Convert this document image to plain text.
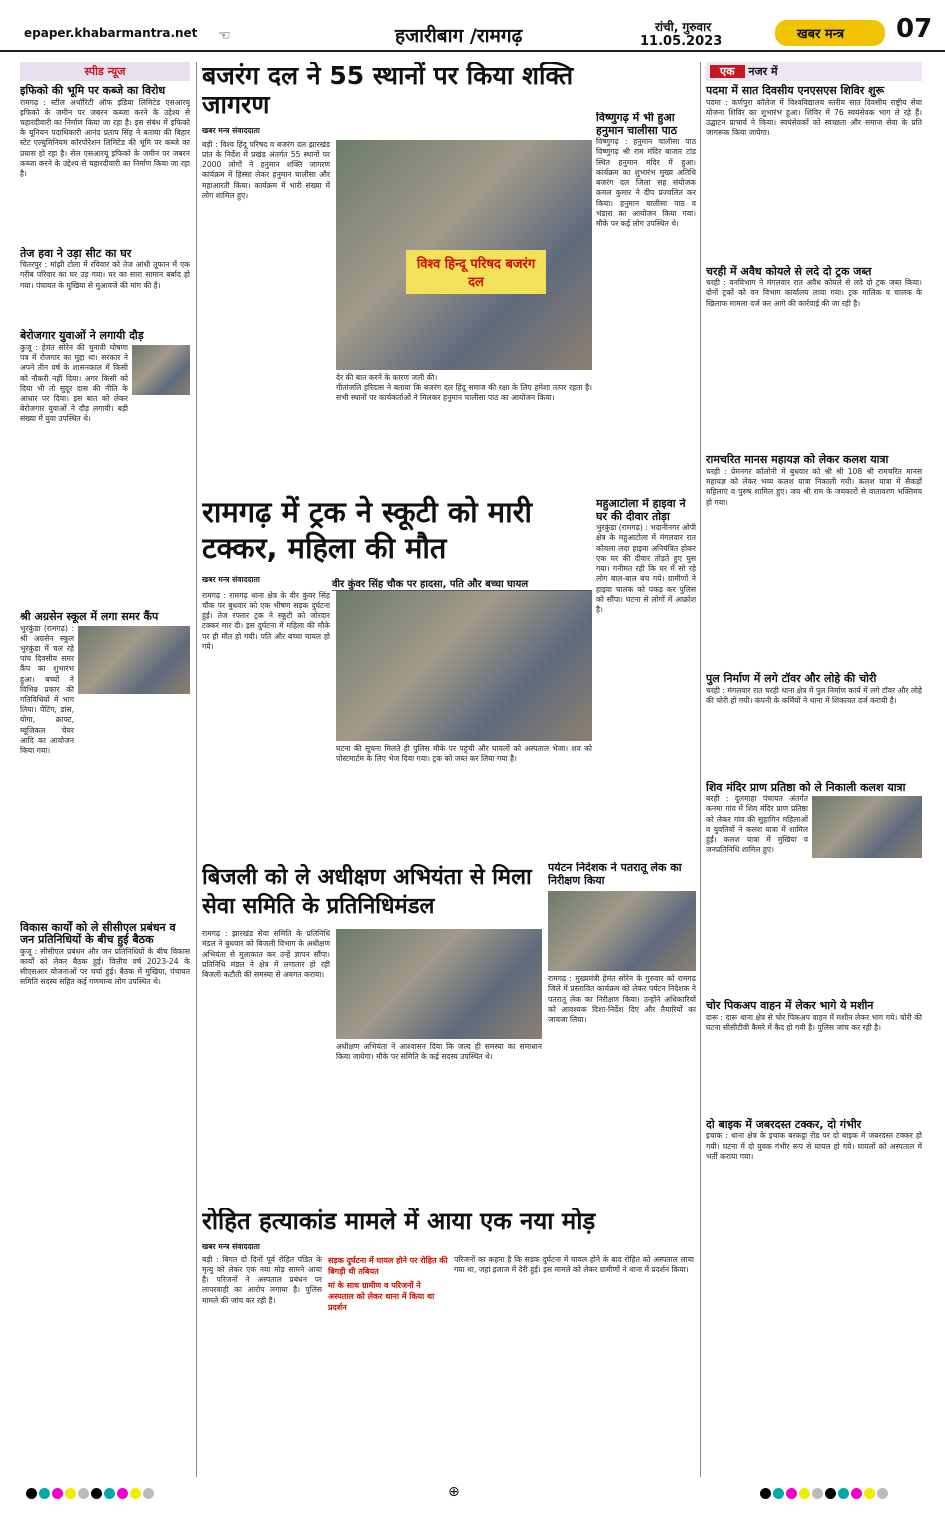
epaper.khabarmantra.net ☜	हजारीबाग /रामगढ़	रांची, गुरुवार
11.05.2023	खबर मन्त्र	07
स्पीड न्यूज
इफिको की भूमि पर कब्जे का विरोध
रामगढ़ : स्टील अथॉरिटी ऑफ इंडिया लिमिटेड एसआरयू इफिको के जमीन पर जबरन कब्जा करने के उद्देश्य से चहारदीवारी का निर्माण किया जा रहा है। इस संबंध में इफिको के यूनियन पदाधिकारी आनंद प्रताप सिंह ने बताया की बिहार स्टेट एल्युमिनियम कॉरपोरेशन लिमिटेड की भूमि पर कब्जे का प्रयास हो रहा है। सेल एसआरयू इफिको के जमीन पर जबरन कब्जा करने के उद्देश्य से चहारदीवारी का निर्माण किया जा रहा है।
तेज हवा ने उड़ा सीट का घर
चितरपुर : मांझी टोला में रविवार को तेज आंधी तूफान में एक गरीब परिवार का घर उड़ गया। घर का सारा सामान बर्बाद हो गया। पंचायत के मुखिया से मुआवजे की मांग की है।
बेरोजगार युवाओं ने लगायी दौड़
कुजू : हेमंत सोरेन की चुनावी घोषणा पत्र में रोजगार का मुद्दा था। सरकार ने अपने तीन वर्ष के शासनकाल में किसी को नौकरी नहीं दिया। अगर किसी को दिया भी तो सुदूर दास की नीति के आधार पर दिया। इस बात को लेकर बेरोजगार युवाओं ने दौड़ लगायी। बड़ी संख्या में युवा उपस्थित थे।
श्री अग्रसेन स्कूल में लगा समर कैंप
भुरकुंडा (रामगढ़) : श्री अग्रसेन स्कूल भुरकुंडा में चल रहे पांच दिवसीय समर कैंप का शुभारंभ हुआ। बच्चों ने विभिन्न प्रकार की गतिविधियों में भाग लिया। पेंटिंग, डांस, योगा, क्राफ्ट, म्यूजिकल चेयर आदि का आयोजन किया गया।
विकास कार्यों को ले सीसीएल प्रबंधन व जन प्रतिनिधियों के बीच हुई बैठक
कुजू : सीसीएल प्रबंधन और जन प्रतिनिधियों के बीच विकास कार्यों को लेकर बैठक हुई। वित्तीय वर्ष 2023-24 के सीएसआर योजनाओं पर चर्चा हुई। बैठक में मुखिया, पंचायत समिति सदस्य सहित कई गणमान्य लोग उपस्थित थे।
बजरंग दल ने 55 स्थानों पर किया शक्ति जागरण
खबर मन्त्र संवाददाता
बड़ी : विश्व हिंदू परिषद व बजरंग दल झारखंड प्रांत के निर्देश में प्रखंड अंतर्गत 55 स्थानों पर 2000 लोगों ने हनुमान शक्ति जागरण कार्यक्रम में हिस्सा लेकर हनुमान चालीसा और महाआरती किया। कार्यक्रम में भारी संख्या में लोग शामिल हुए।
विश्व हिन्दू परिषद बजरंग दल
देर की बात करने के कारण जली की।
गीतांजलि हरिदास ने बताया कि बजरंग दल हिंदू समाज की रक्षा के लिए हमेशा तत्पर रहता है। सभी स्थानों पर कार्यकर्ताओं ने मिलकर हनुमान चालीसा पाठ का आयोजन किया।
विष्णुगढ़ में भी हुआ हनुमान चालीसा पाठ
विष्णुगढ़ : हनुमान चालीसा पाठ विष्णुगढ़ श्री राम मंदिर बाजार टांड स्थित हनुमान मंदिर में हुआ। कार्यक्रम का शुभारंभ मुख्य अतिथि बजरंग दल जिला सह संयोजक कमल कुमार ने दीप प्रज्वलित कर किया। हनुमान चालीसा पाठ व भंडारा का आयोजन किया गया। मौके पर कई लोग उपस्थित थे।
रामगढ़ में ट्रक ने स्कूटी को मारी टक्कर, महिला की मौत
खबर मन्त्र संवाददाता	वीर कुंवर सिंह चौक पर हादसा, पति और बच्चा घायल
रामगढ़ : रामगढ़ थाना क्षेत्र के वीर कुंवर सिंह चौक पर बुधवार को एक भीषण सड़क दुर्घटना हुई। तेज रफ्तार ट्रक ने स्कूटी को जोरदार टक्कर मार दी। इस दुर्घटना में महिला की मौके पर ही मौत हो गयी। पति और बच्चा घायल हो गये।
घटना की सूचना मिलते ही पुलिस मौके पर पहुंची और घायलों को अस्पताल भेजा। शव को पोस्टमार्टम के लिए भेज दिया गया। ट्रक को जब्त कर लिया गया है।
महुआटोला में हाइवा ने घर की दीवार तोड़ा
भुरकुंडा (रामगढ़) : भदानीनगर ओपी क्षेत्र के महुआटोला में मंगलवार रात कोयला लदा हाइवा अनियंत्रित होकर एक घर की दीवार तोड़ते हुए घुस गया। गनीमत रही कि घर में सो रहे लोग बाल-बाल बच गये। ग्रामीणों ने हाइवा चालक को पकड़ कर पुलिस को सौंपा। घटना से लोगों में आक्रोश है।
बिजली को ले अधीक्षण अभियंता से मिला सेवा समिति के प्रतिनिधिमंडल
रामगढ़ : झारखंड सेवा समिति के प्रतिनिधि मंडल ने बुधवार को बिजली विभाग के अधीक्षण अभियंता से मुलाकात कर उन्हें ज्ञापन सौंपा। प्रतिनिधि मंडल ने क्षेत्र में लगातार हो रही बिजली कटौती की समस्या से अवगत कराया।
अधीक्षण अभियंता ने आश्वासन दिया कि जल्द ही समस्या का समाधान किया जायेगा। मौके पर समिति के कई सदस्य उपस्थित थे।
पर्यटन निदेशक ने पतरातू लेक का निरीक्षण किया
रामगढ़ : मुख्यमंत्री हेमंत सोरेन के गुरुवार को रामगढ़ जिले में प्रस्तावित कार्यक्रम को लेकर पर्यटन निदेशक ने पतरातू लेक का निरीक्षण किया। उन्होंने अधिकारियों को आवश्यक दिशा-निर्देश दिए और तैयारियों का जायजा लिया।
रोहित हत्याकांड मामले में आया एक नया मोड़
खबर मन्त्र संवाददाता
बड़ी : बिगत दो दिनों पूर्व रोहित पंडित के मृत्यु को लेकर एक नया मोड़ सामने आया है। परिजनों ने अस्पताल प्रबंधन पर लापरवाही का आरोप लगाया है। पुलिस मामले की जांच कर रही है।
सड़क दुर्घटना में घायल होने पर रोहित की बिगड़ी थी तबियत
मां के साथ ग्रामीण व परिजनों ने अस्पताल को लेकर थाना में किया था प्रदर्शन
परिजनों का कहना है कि सड़क दुर्घटना में घायल होने के बाद रोहित को अस्पताल लाया गया था, जहां इलाज में देरी हुई। इस मामले को लेकर ग्रामीणों ने थाना में प्रदर्शन किया।
एक नजर में
पदमा में सात दिवसीय एनएसएस शिविर शुरू
पदमा : कर्णपुरा कॉलेज में विश्वविद्यालय स्तरीय सात दिवसीय राष्ट्रीय सेवा योजना शिविर का शुभारंभ हुआ। शिविर में 76 स्वयंसेवक भाग ले रहे हैं। उद्घाटन प्राचार्य ने किया। स्वयंसेवकों को स्वच्छता और समाज सेवा के प्रति जागरूक किया जायेगा।
चरही में अवैध कोयले से लदे दो ट्रक जब्त
चरही : वनविभाग ने मंगलवार रात अवैध कोयले से लदे दो ट्रक जब्त किया। दोनों ट्रकों को वन विभाग कार्यालय लाया गया। ट्रक मालिक व चालक के खिलाफ मामला दर्ज कर आगे की कार्रवाई की जा रही है।
रामचरित मानस महायज्ञ को लेकर कलश यात्रा
चरही : प्रेमनगर कॉलोनी में बुधवार को श्री श्री 108 श्री रामचरित मानस महायज्ञ को लेकर भव्य कलश यात्रा निकाली गयी। कलश यात्रा में सैकड़ों महिलाएं व पुरुष शामिल हुए। जय श्री राम के जयकारों से वातावरण भक्तिमय हो गया।
पुल निर्माण में लगे टॉवर और लोहे की चोरी
चरही : मंगलवार रात चरही थाना क्षेत्र में पुल निर्माण कार्य में लगे टॉवर और लोहे की चोरी हो गयी। कंपनी के कर्मियों ने थाना में शिकायत दर्ज करायी है।
शिव मंदिर प्राण प्रतिष्ठा को ले निकाली कलश यात्रा
बरही : दुलमाहा पंचायत अंतर्गत कनमा गांव में शिव मंदिर प्राण प्रतिष्ठा को लेकर गांव की सुहागिन महिलाओं व युवतियों ने कलश यात्रा में शामिल हुईं। कलश यात्रा में मुखिया व जनप्रतिनिधि शामिल हुए।
चोर पिकअप वाहन में लेकर भागे ये मशीन
दारू : दारू थाना क्षेत्र से चोर पिकअप वाहन में मशीन लेकर भाग गये। चोरी की घटना सीसीटीवी कैमरे में कैद हो गयी है। पुलिस जांच कर रही है।
दो बाइक में जबरदस्त टक्कर, दो गंभीर
इचाक : थाना क्षेत्र के इचाक बरकट्ठा रोड पर दो बाइक में जबरदस्त टक्कर हो गयी। घटना में दो युवक गंभीर रूप से घायल हो गये। घायलों को अस्पताल में भर्ती कराया गया।
⊕
